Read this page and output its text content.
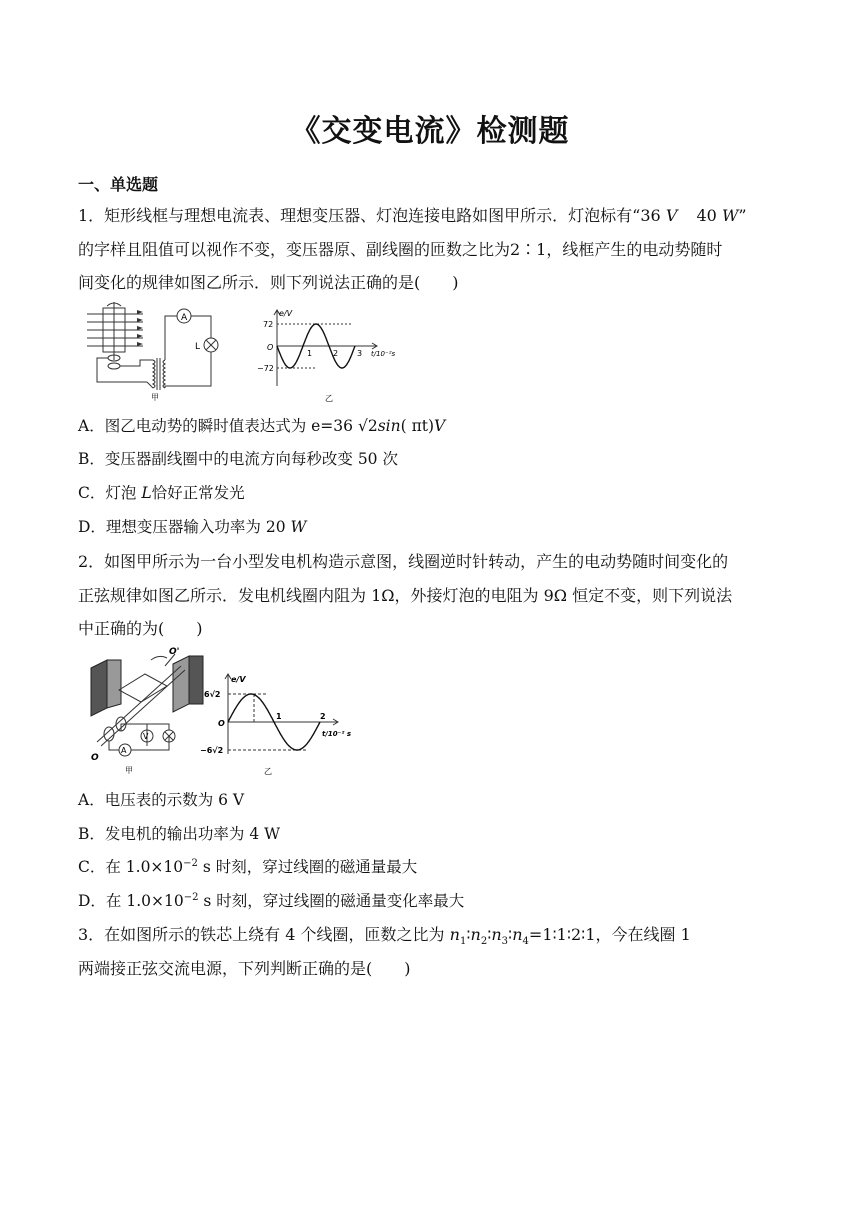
《交变电流》检测题
一、单选题
1．矩形线框与理想电流表、理想变压器、灯泡连接电路如图甲所示．灯泡标有“36 V 40 W”
的字样且阻值可以视作不变，变压器原、副线圈的匝数之比为2∶1，线框产生的电动势随时
间变化的规律如图乙所示．则下列说法正确的是(　　)
A
L
甲
e/V
72
O
−72
1	2 3 t/10⁻²s
乙
A．图乙电动势的瞬时值表达式为 e=36 √2sin( πt)V
B．变压器副线圈中的电流方向每秒改变 50 次
C．灯泡 L恰好正常发光
D．理想变压器输入功率为 20 W
2．如图甲所示为一台小型发电机构造示意图，线圈逆时针转动，产生的电动势随时间变化的
正弦规律如图乙所示．发电机线圈内阻为 1Ω，外接灯泡的电阻为 9Ω 恒定不变，则下列说法
中正确的为(　　)
O'
O
A
V
甲
e/V
6√2
O
−6√2
1	2
t/10⁻² s
乙
A．电压表的示数为 6 V
B．发电机的输出功率为 4 W
C．在 $1.0\times 10^{-2}$ s 时刻，穿过线圈的磁通量最大
D．在 $1.0\times 10^{-2}$ s 时刻，穿过线圈的磁通量变化率最大
3．在如图所示的铁芯上绕有 4 个线圈，匝数之比为 $n_1∶n_2∶n_3∶n_4=1∶1∶2∶1$，今在线圈 1
两端接正弦交流电源，下列判断正确的是(　　)
